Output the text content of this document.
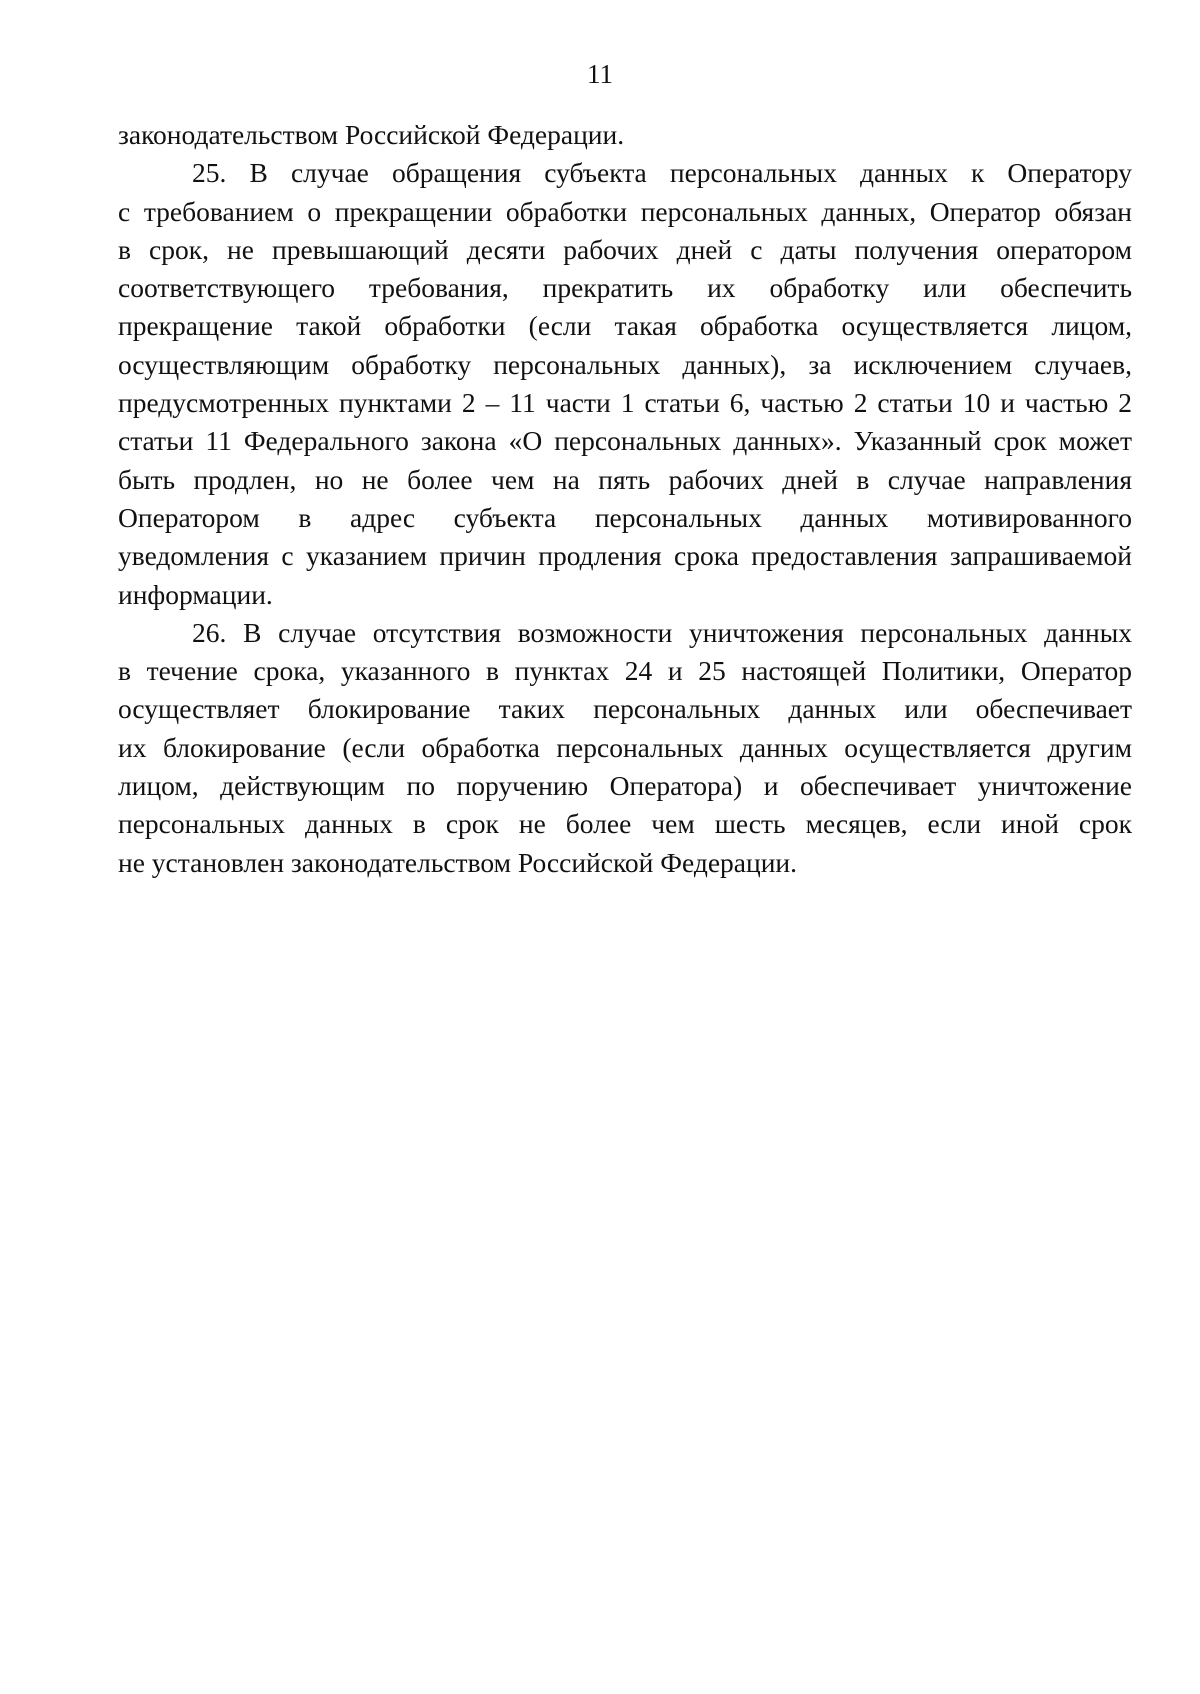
11
законодательством Российской Федерации.
25. В случае обращения субъекта персональных данных к Оператору
с требованием о прекращении обработки персональных данных, Оператор обязан
в срок, не превышающий десяти рабочих дней с даты получения оператором
соответствующего требования, прекратить их обработку или обеспечить
прекращение такой обработки (если такая обработка осуществляется лицом,
осуществляющим обработку персональных данных), за исключением случаев,
предусмотренных пунктами 2 – 11 части 1 статьи 6, частью 2 статьи 10 и частью 2
статьи 11 Федерального закона «О персональных данных». Указанный срок может
быть продлен, но не более чем на пять рабочих дней в случае направления
Оператором в адрес субъекта персональных данных мотивированного
уведомления с указанием причин продления срока предоставления запрашиваемой
информации.
26. В случае отсутствия возможности уничтожения персональных данных
в течение срока, указанного в пунктах 24 и 25 настоящей Политики, Оператор
осуществляет блокирование таких персональных данных или обеспечивает
их блокирование (если обработка персональных данных осуществляется другим
лицом, действующим по поручению Оператора) и обеспечивает уничтожение
персональных данных в срок не более чем шесть месяцев, если иной срок
не установлен законодательством Российской Федерации.
